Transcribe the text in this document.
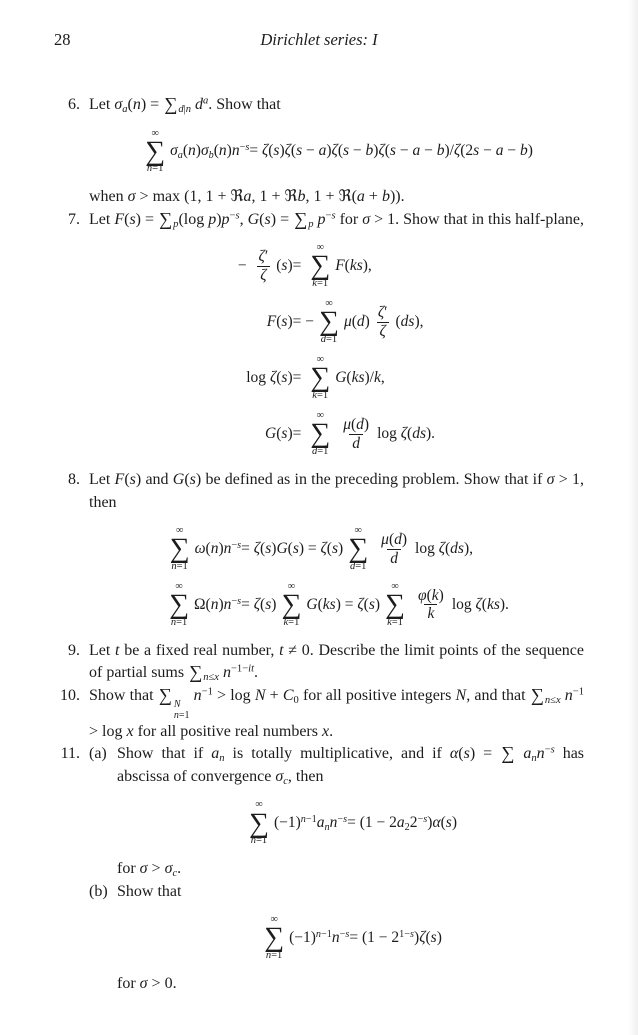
28	Dirichlet series: I
6. Let $\sigma_a(n) = \sum_{d|n}$ $d^a$. Show that
∞
∑
n=1
$\sigma_a(n)\sigma_b(n)n^{-s} = \zeta(s)\zeta(s - a)\zeta(s - b)\zeta(s - a - b)/\zeta(2s - a - b)$
when σ > max (1, 1 + ℜa, 1 + ℜb, 1 + ℜ(a + b)).
7. Let $F(s) = \sum_p(\log$ $p)p^{-s}$, $G(s) = \sum_p$ $p^{-s}$ for σ > 1. Show that in this half-plane,
− $\frac{\zeta'}{\zeta} (s)$ =
∞
∑
k=1
F(ks),
F(s) = −
∞
∑
d=1
$\mu(d) \frac{\zeta'}{\zeta} (ds)$,
log ζ(s) =
∞
∑
k=1
G(ks)/k,
G(s) =
∞
∑
$d=1 \frac{\mu(d)}{d}$ log ζ(ds).
8. Let F(s) and G(s) be defined as in the preceding problem. Show that if σ > 1, then
∞
∑
n=1
$\omega(n)n^{-s} = \zeta(s)G(s) = \zeta(s)$
∞
∑
$d=1 \frac{\mu(d)}{d}$ log ζ(ds),
∞
∑
n=1
$\Omega(n)n^{-s} = \zeta(s)$
∞
∑
k=1
G(ks) = ζ(s)
∞
∑
$k=1 \frac{\varphi(k)}{k}$ log ζ(ks).
9. Let t be a fixed real number, t ≠ 0. Describe the limit points of the sequence of partial sums $\sum_{n\le x}$ $n^{-1-it}$.
10. Show that ∑ N
n=1
$n^{-1} > \log N + C_0$ for all positive integers N, and that $\sum_{n\le x}$ $n^{-1} > \log x$ for all positive real numbers x.
11. (a) Show that if $a_n$ is totally multiplicative, and if α(s) = ∑ $a_nn^{-s}$ has abscissa of convergence $\sigma_c$, then
∞
∑
n=1
$(-1)^{n-1}a_nn^{-s} = (1 - 2a_22^{-s})\alpha(s)$
for $\sigma > \sigma_c$.
(b) Show that
∞
∑
n=1
$(-1)^{n-1}n^{-s} = (1 - 2^{1-s})\zeta(s)$
for σ > 0.
